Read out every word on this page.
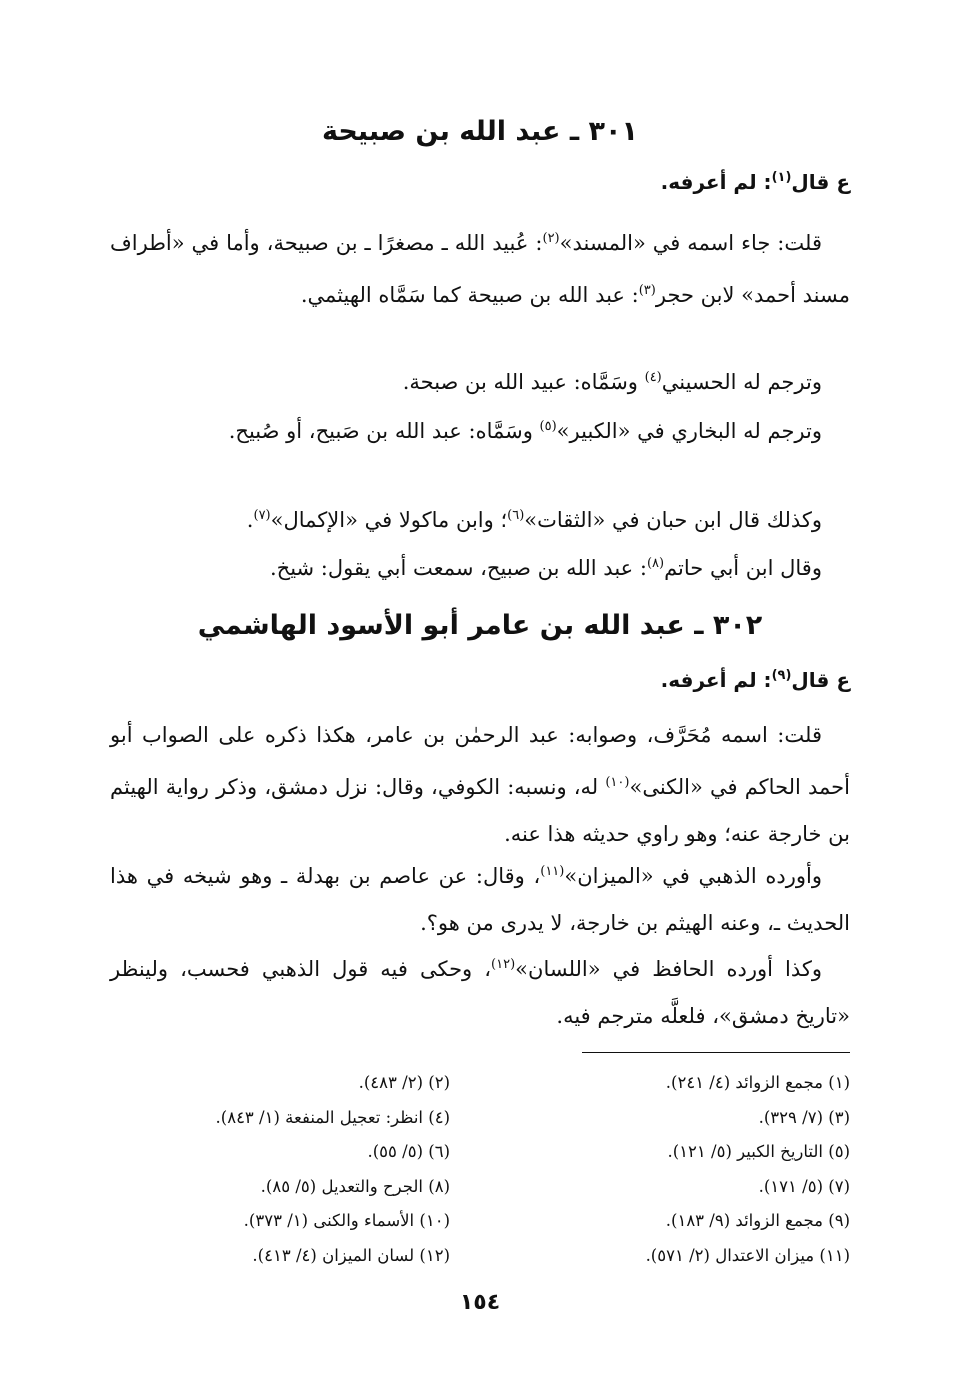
٣٠١ ـ عبد الله بن صبيحة
ع قال$^{(١)}$: لم أعرفه.
قلت: جاء اسمه في «المسند»$^{(٢)}$: عُبيد الله ـ مصغرًا ـ بن صبيحة، وأما في «أطراف مسند أحمد» لابن حجر$^{(٣)}$: عبد الله بن صبيحة كما سَمَّاه الهيثمي.
وترجم له الحسيني$^{(٤)}$ وسَمَّاه: عبيد الله بن صبحة.
وترجم له البخاري في «الكبير»$^{(٥)}$ وسَمَّاه: عبد الله بن صَبيح، أو صُبيح.
وكذلك قال ابن حبان في «الثقات»$^{(٦)}$؛ وابن ماكولا في «الإكمال»$^{(٧)}$.
وقال ابن أبي حاتم$^{(٨)}$: عبد الله بن صبيح، سمعت أبي يقول: شيخ.
٣٠٢ ـ عبد الله بن عامر أبو الأسود الهاشمي
ع قال$^{(٩)}$: لم أعرفه.
قلت: اسمه مُحَرَّف، وصوابه: عبد الرحمٰن بن عامر، هكذا ذكره على الصواب أبو أحمد الحاكم في «الكنى»$^{(١٠)}$ له، ونسبه: الكوفي، وقال: نزل دمشق، وذكر رواية الهيثم بن خارجة عنه؛ وهو راوي حديثه هذا عنه.
وأورده الذهبي في «الميزان»$^{(١١)}$، وقال: عن عاصم بن بهدلة ـ وهو شيخه في هذا الحديث ـ، وعنه الهيثم بن خارجة، لا يدرى من هو؟.
وكذا أورده الحافظ في «اللسان»$^{(١٢)}$، وحكى فيه قول الذهبي فحسب، ولينظر «تاريخ دمشق»، فلعلَّه مترجم فيه.
(١) مجمع الزوائد (٤/ ٢٤١).
(٣) (٧/ ٣٢٩).
(٥) التاريخ الكبير (٥/ ١٢١).
(٧) (٥/ ١٧١).
(٩) مجمع الزوائد (٩/ ١٨٣).
(١١) ميزان الاعتدال (٢/ ٥٧١).
(٢) (٢/ ٤٨٣).
(٤) انظر: تعجيل المنفعة (١/ ٨٤٣).
(٦) (٥/ ٥٥).
(٨) الجرح والتعديل (٥/ ٨٥).
(١٠) الأسماء والكنى (١/ ٣٧٣).
(١٢) لسان الميزان (٤/ ٤١٣).
١٥٤
